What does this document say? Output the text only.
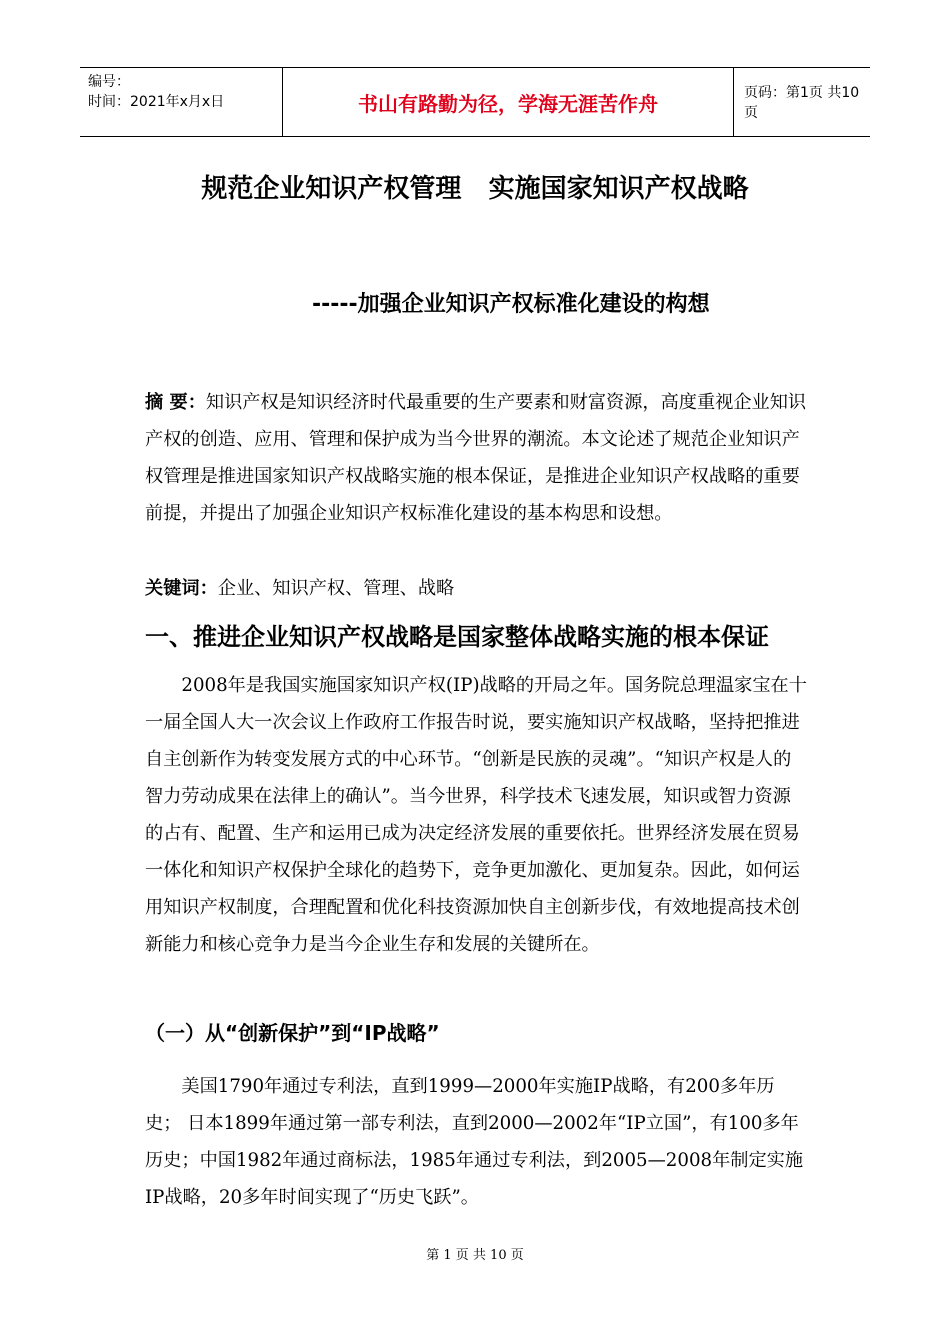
编号：
时间：2021年x月x日	书山有路勤为径，学海无涯苦作舟	页码：第1页 共10页
规范企业知识产权管理   实施国家知识产权战略
-----加强企业知识产权标准化建设的构想
摘 要：知识产权是知识经济时代最重要的生产要素和财富资源，高度重视企业知识产权的创造、应用、管理和保护成为当今世界的潮流。本文论述了规范企业知识产权管理是推进国家知识产权战略实施的根本保证，是推进企业知识产权战略的重要前提，并提出了加强企业知识产权标准化建设的基本构思和设想。
关键词：企业、知识产权、管理、战略
一、推进企业知识产权战略是国家整体战略实施的根本保证
2008年是我国实施国家知识产权(IP)战略的开局之年。国务院总理温家宝在十一届全国人大一次会议上作政府工作报告时说，要实施知识产权战略，坚持把推进自主创新作为转变发展方式的中心环节。“创新是民族的灵魂”。“知识产权是人的智力劳动成果在法律上的确认”。当今世界，科学技术飞速发展，知识或智力资源的占有、配置、生产和运用已成为决定经济发展的重要依托。世界经济发展在贸易一体化和知识产权保护全球化的趋势下，竞争更加激化、更加复杂。因此，如何运用知识产权制度，合理配置和优化科技资源加快自主创新步伐，有效地提高技术创新能力和核心竞争力是当今企业生存和发展的关键所在。
（一）从“创新保护”到“IP战略”
美国1790年通过专利法，直到1999—2000年实施IP战略，有200多年历史； 日本1899年通过第一部专利法，直到2000—2002年“IP立国”，有100多年历史；中国1982年通过商标法，1985年通过专利法，到2005—2008年制定实施IP战略，20多年时间实现了“历史飞跃”。
第 1 页 共 10 页
